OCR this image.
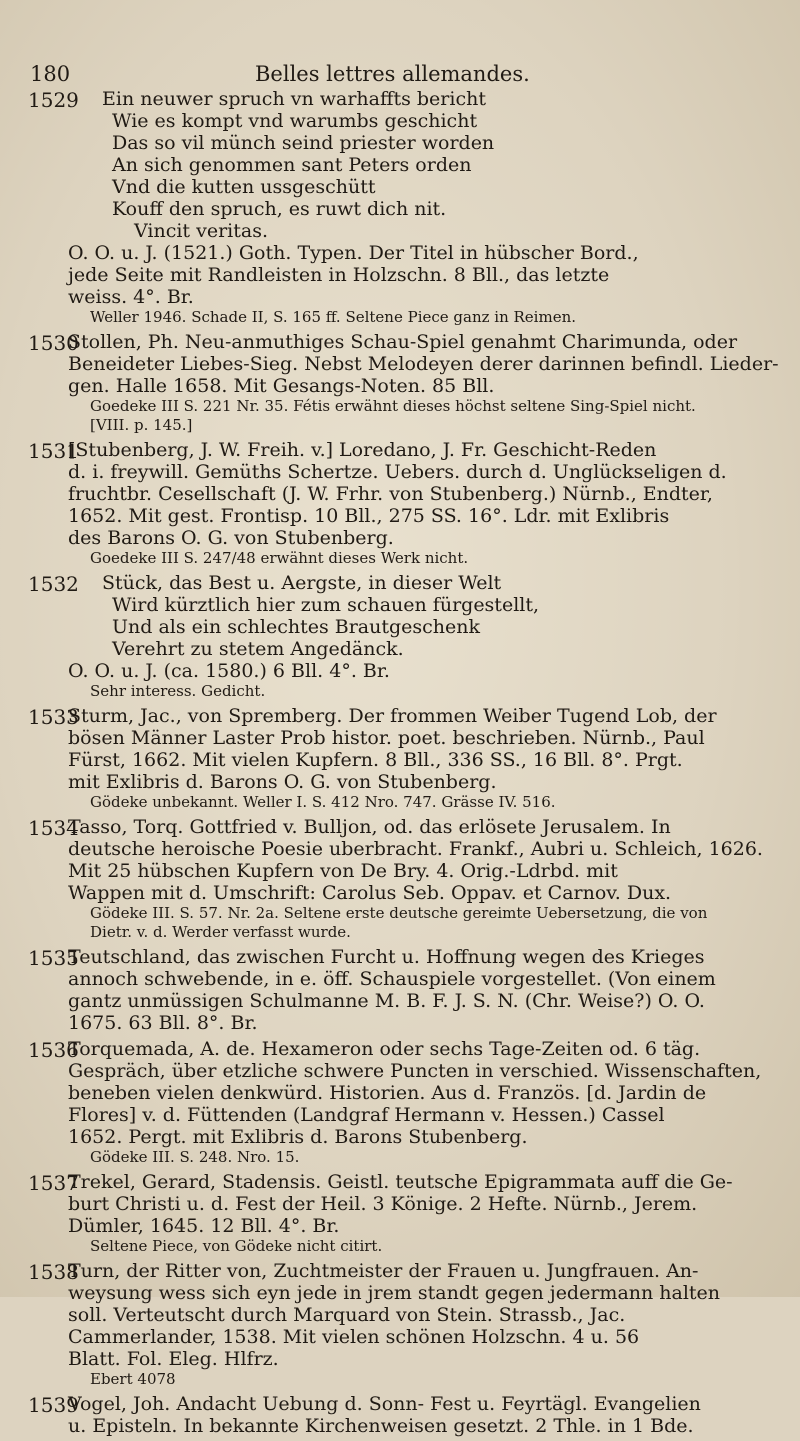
180	Belles lettres allemandes.
1529	Ein neuwer spruch vn warhaffts bericht
Wie es kompt vnd warumbs geschicht
Das so vil münch seind priester worden
An sich genommen sant Peters orden
Vnd die kutten ussgeschütt
Kouff den spruch, es ruwt dich nit.
Vincit veritas.
O. O. u. J. (1521.) Goth. Typen. Der Titel in hübscher Bord.,
jede Seite mit Randleisten in Holzschn. 8 Bll., das letzte
weiss. 4°. Br.
Weller 1946. Schade II, S. 165 ff. Seltene Piece ganz in Reimen.
1530
Stollen, Ph. Neu-anmuthiges Schau-Spiel genahmt Charimunda, oder
Beneideter Liebes-Sieg. Nebst Melodeyen derer darinnen befindl. Lieder-
gen. Halle 1658. Mit Gesangs-Noten. 85 Bll.
Goedeke III S. 221 Nr. 35. Fétis erwähnt dieses höchst seltene Sing-Spiel nicht.
[VIII. p. 145.]
1531
[Stubenberg, J. W. Freih. v.] Loredano, J. Fr. Geschicht-Reden
d. i. freywill. Gemüths Schertze. Uebers. durch d. Unglückseligen d.
fruchtbr. Cesellschaft (J. W. Frhr. von Stubenberg.) Nürnb., Endter,
1652. Mit gest. Frontisp. 10 Bll., 275 SS. 16°. Ldr. mit Exlibris
des Barons O. G. von Stubenberg.
Goedeke III S. 247/48 erwähnt dieses Werk nicht.
1532	Stück, das Best u. Aergste, in dieser Welt
Wird kürztlich hier zum schauen fürgestellt,
Und als ein schlechtes Brautgeschenk
Verehrt zu stetem Angedänck.
O. O. u. J. (ca. 1580.) 6 Bll. 4°. Br.
Sehr interess. Gedicht.
1533
Sturm, Jac., von Spremberg. Der frommen Weiber Tugend Lob, der
bösen Männer Laster Prob histor. poet. beschrieben. Nürnb., Paul
Fürst, 1662. Mit vielen Kupfern. 8 Bll., 336 SS., 16 Bll. 8°. Prgt.
mit Exlibris d. Barons O. G. von Stubenberg.
Gödeke unbekannt. Weller I. S. 412 Nro. 747. Grässe IV. 516.
1534
Tasso, Torq. Gottfried v. Bulljon, od. das erlösete Jerusalem. In
deutsche heroische Poesie uberbracht. Frankf., Aubri u. Schleich, 1626.
Mit 25 hübschen Kupfern von De Bry. 4. Orig.-Ldrbd. mit
Wappen mit d. Umschrift: Carolus Seb. Oppav. et Carnov. Dux.
Gödeke III. S. 57. Nr. 2a. Seltene erste deutsche gereimte Uebersetzung, die von
Dietr. v. d. Werder verfasst wurde.
1535
Teutschland, das zwischen Furcht u. Hoffnung wegen des Krieges
annoch schwebende, in e. öff. Schauspiele vorgestellet. (Von einem
gantz unmüssigen Schulmanne M. B. F. J. S. N. (Chr. Weise?) O. O.
1675. 63 Bll. 8°. Br.
1536
Torquemada, A. de. Hexameron oder sechs Tage-Zeiten od. 6 täg.
Gespräch, über etzliche schwere Puncten in verschied. Wissenschaften,
beneben vielen denkwürd. Historien. Aus d. Französ. [d. Jardin de
Flores] v. d. Füttenden (Landgraf Hermann v. Hessen.) Cassel
1652. Pergt. mit Exlibris d. Barons Stubenberg.
Gödeke III. S. 248. Nro. 15.
1537
Trekel, Gerard, Stadensis. Geistl. teutsche Epigrammata auff die Ge-
burt Christi u. d. Fest der Heil. 3 Könige. 2 Hefte. Nürnb., Jerem.
Dümler, 1645. 12 Bll. 4°. Br.
Seltene Piece, von Gödeke nicht citirt.
1538
Turn, der Ritter von, Zuchtmeister der Frauen u. Jungfrauen. An-
weysung wess sich eyn jede in jrem standt gegen jedermann halten
soll. Verteutscht durch Marquard von Stein. Strassb., Jac.
Cammerlander, 1538. Mit vielen schönen Holzschn. 4 u. 56
Blatt. Fol. Eleg. Hlfrz.
Ebert 4078
1539
Vogel, Joh. Andacht Uebung d. Sonn- Fest u. Feyrtägl. Evangelien
u. Episteln. In bekannte Kirchenweisen gesetzt. 2 Thle. in 1 Bde.
